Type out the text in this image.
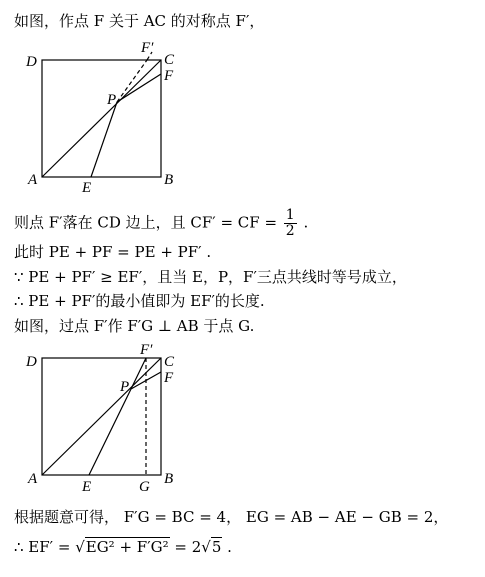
如图，作点 F 关于 AC 的对称点 F′，
D	C
F′
F
P
A	E	B
则点 F′落在 CD 边上，且 CF′ = CF = $\frac{1}{2}$ .
此时 PE + PF = PE + PF′ .
∵ PE + PF′ ≥ EF′，且当 E，P，F′三点共线时等号成立，
∴ PE + PF′的最小值即为 EF′的长度.
如图，过点 F′作 F′G ⊥ AB 于点 G.
D	C
F′
F
P
A	E	G B
根据题意可得， F′G = BC = 4， EG = AB − AE − GB = 2，
∴ EF′ = √EG² + F′G² = 2√5 .
